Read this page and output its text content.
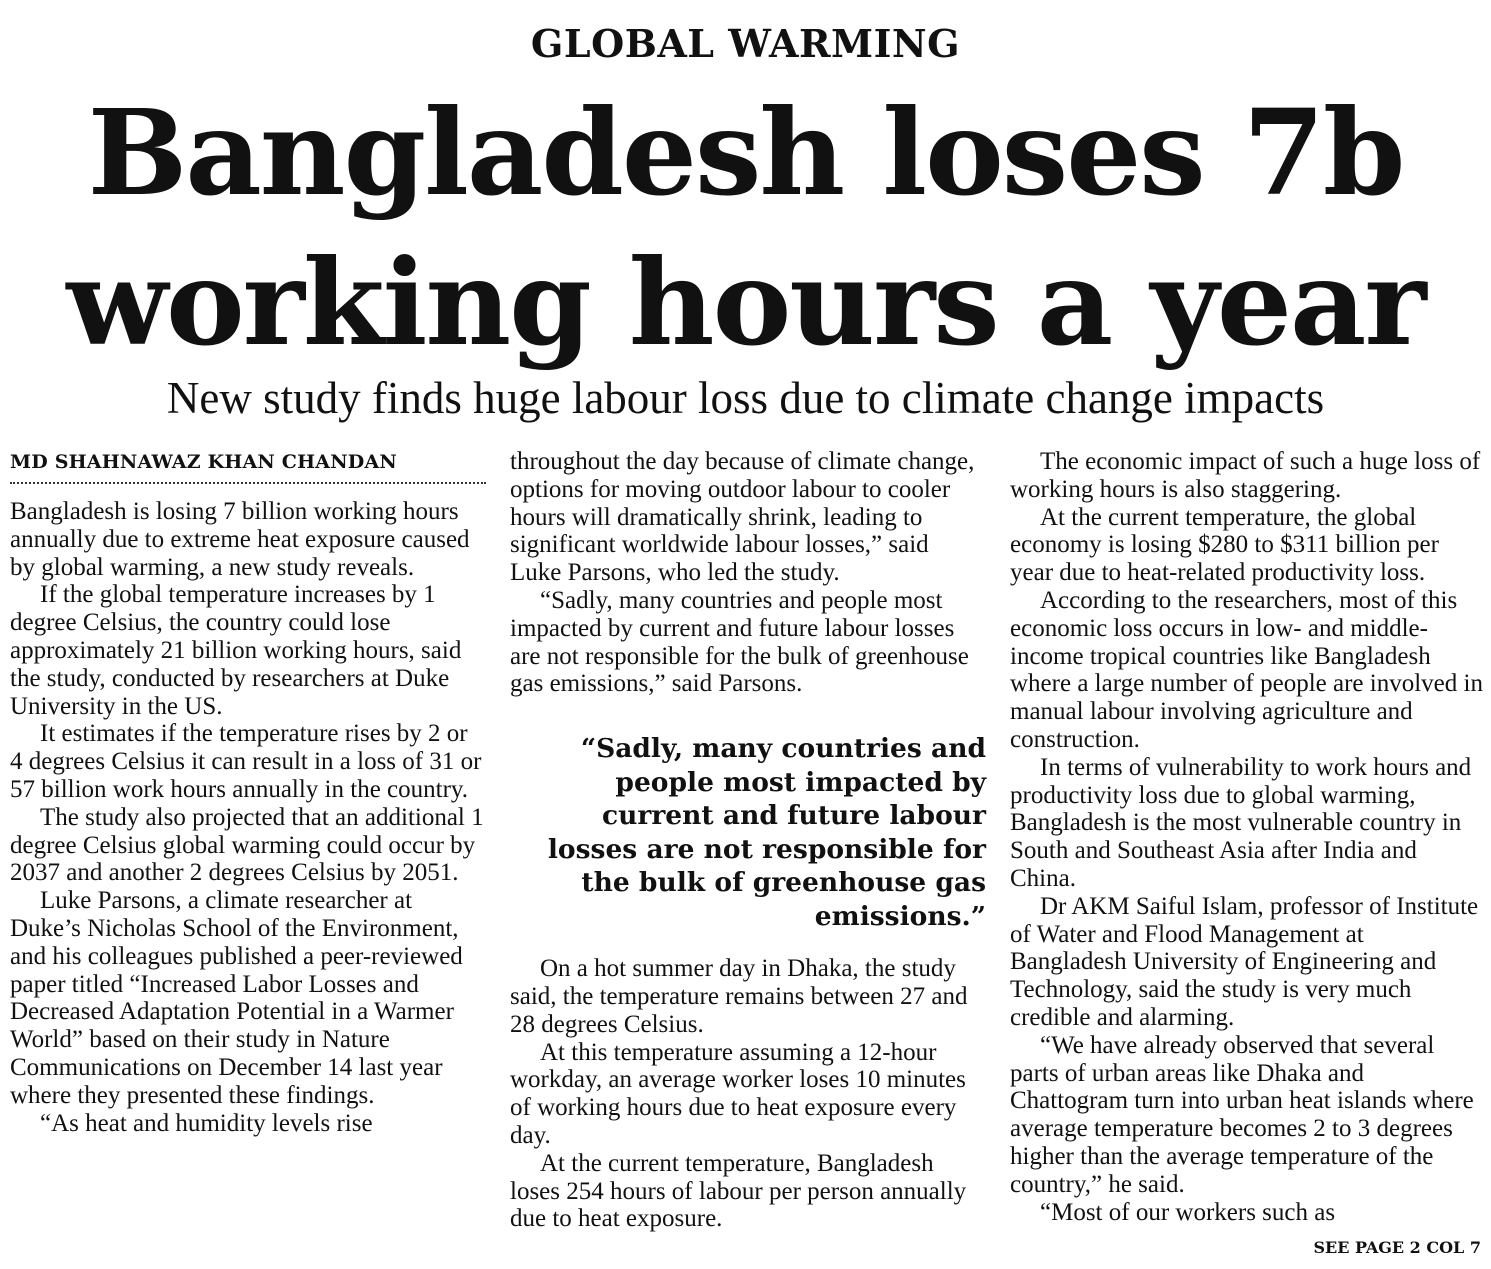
GLOBAL WARMING
Bangladesh loses 7b
working hours a year
New study finds huge labour loss due to climate change impacts
MD SHAHNAWAZ KHAN CHANDAN

Bangladesh is losing 7 billion working hours annually due to extreme heat exposure caused by global warming, a new study reveals.

If the global temperature increases by 1 degree Celsius, the country could lose approximately 21 billion working hours, said the study, conducted by researchers at Duke University in the US.

It estimates if the temperature rises by 2 or 4 degrees Celsius it can result in a loss of 31 or 57 billion work hours annually in the country.

The study also projected that an additional 1 degree Celsius global warming could occur by 2037 and another 2 degrees Celsius by 2051.

Luke Parsons, a climate researcher at Duke’s Nicholas School of the Environment, and his colleagues published a peer-reviewed paper titled “Increased Labor Losses and Decreased Adaptation Potential in a Warmer World” based on their study in Nature Communications on December 14 last year where they presented these findings.

“As heat and humidity levels rise

throughout the day because of climate change, options for moving outdoor labour to cooler hours will dramatically shrink, leading to significant worldwide labour losses,” said Luke Parsons, who led the study.

“Sadly, many countries and people most impacted by current and future labour losses are not responsible for the bulk of greenhouse gas emissions,” said Parsons.

“Sadly, many countries and people most impacted by current and future labour losses are not responsible for the bulk of greenhouse gas emissions.”

On a hot summer day in Dhaka, the study said, the temperature remains between 27 and 28 degrees Celsius.

At this temperature assuming a 12-hour workday, an average worker loses 10 minutes of working hours due to heat exposure every day.

At the current temperature, Bangladesh loses 254 hours of labour per person annually due to heat exposure.

The economic impact of such a huge loss of working hours is also staggering.

At the current temperature, the global economy is losing $280 to $311 billion per year due to heat-related productivity loss.

According to the researchers, most of this economic loss occurs in low- and middle- income tropical countries like Bangladesh where a large number of people are involved in manual labour involving agriculture and construction.

In terms of vulnerability to work hours and productivity loss due to global warming, Bangladesh is the most vulnerable country in South and Southeast Asia after India and China.

Dr AKM Saiful Islam, professor of Institute of Water and Flood Management at Bangladesh University of Engineering and Technology, said the study is very much credible and alarming.

“We have already observed that several parts of urban areas like Dhaka and Chattogram turn into urban heat islands where average temperature becomes 2 to 3 degrees higher than the average temperature of the country,” he said.

“Most of our workers such as

SEE PAGE 2 COL 7
